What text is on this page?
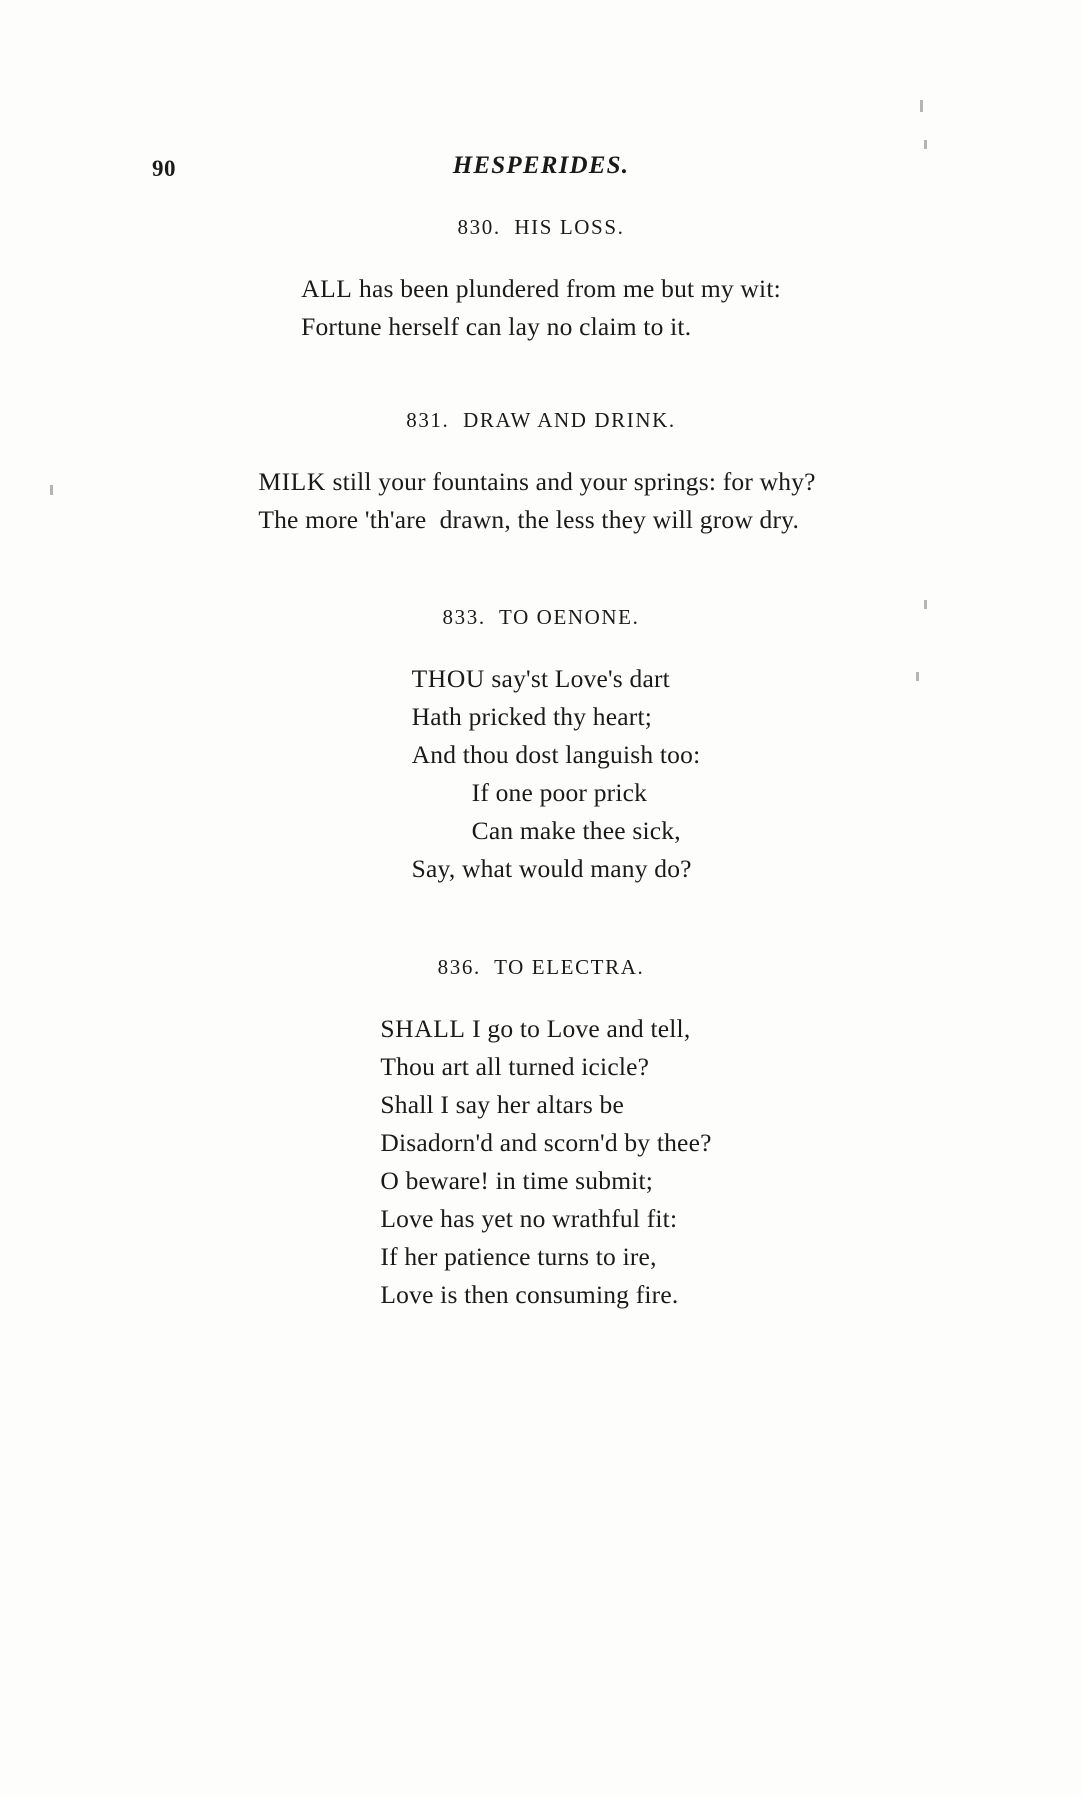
90	HESPERIDES.
830.  HIS LOSS.
ALL has been plundered from me but my wit:
Fortune herself can lay no claim to it.
831.  DRAW AND DRINK.
MILK still your fountains and your springs: for why?
The more 'th'are  drawn, the less they will grow dry.
833.  TO OENONE.
THOU say'st Love's dart
Hath pricked thy heart;
And thou dost languish too:
If one poor prick
Can make thee sick,
Say, what would many do?
836.  TO ELECTRA.
SHALL I go to Love and tell,
Thou art all turned icicle?
Shall I say her altars be
Disadorn'd and scorn'd by thee?
O beware! in time submit;
Love has yet no wrathful fit:
If her patience turns to ire,
Love is then consuming fire.
